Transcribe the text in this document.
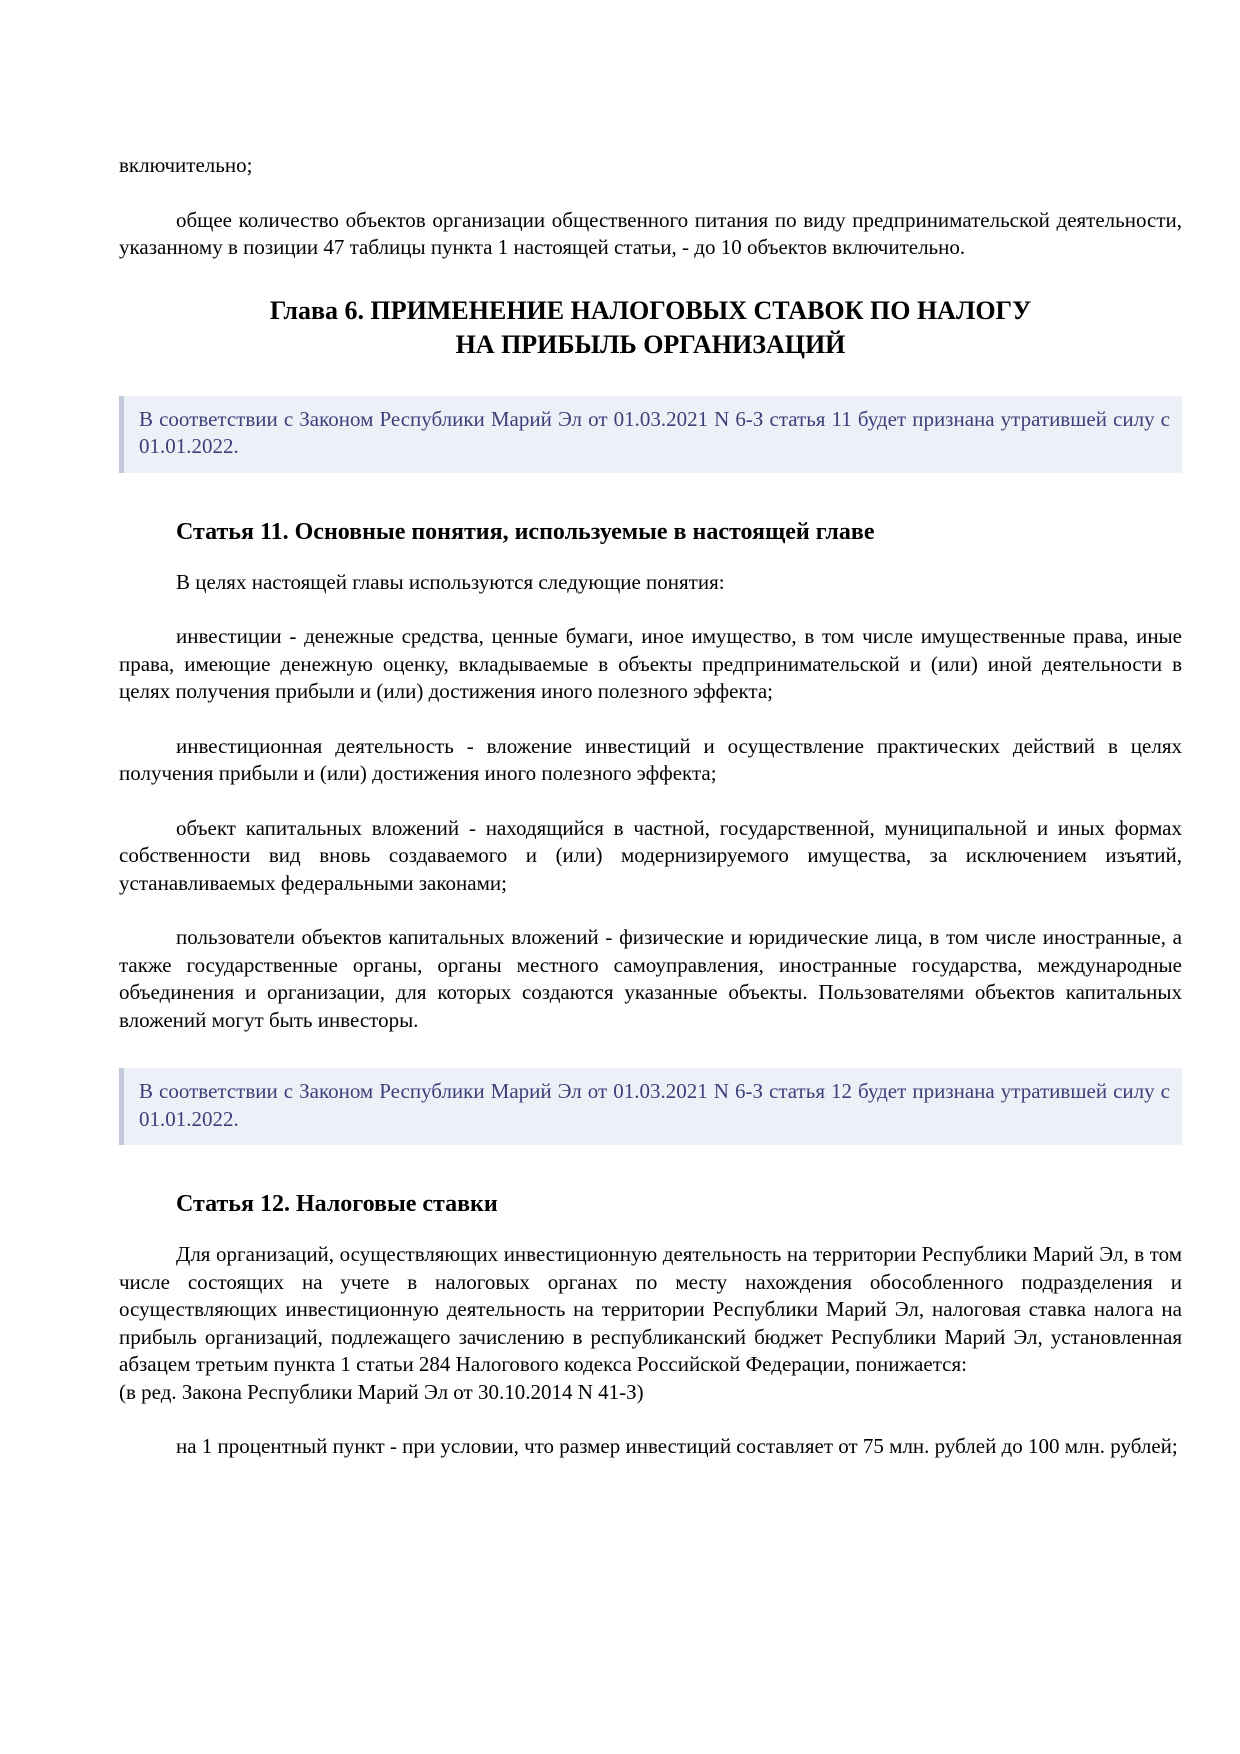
включительно;

общее количество объектов организации общественного питания по виду предпринимательской деятельности, указанному в позиции 47 таблицы пункта 1 настоящей статьи, - до 10 объектов включительно.

Глава 6. ПРИМЕНЕНИЕ НАЛОГОВЫХ СТАВОК ПО НАЛОГУ
НА ПРИБЫЛЬ ОРГАНИЗАЦИЙ

В соответствии с Законом Республики Марий Эл от 01.03.2021 N 6-З статья 11 будет признана утратившей силу с 01.01.2022.

Статья 11. Основные понятия, используемые в настоящей главе

В целях настоящей главы используются следующие понятия:

инвестиции - денежные средства, ценные бумаги, иное имущество, в том числе имущественные права, иные права, имеющие денежную оценку, вкладываемые в объекты предпринимательской и (или) иной деятельности в целях получения прибыли и (или) достижения иного полезного эффекта;

инвестиционная деятельность - вложение инвестиций и осуществление практических действий в целях получения прибыли и (или) достижения иного полезного эффекта;

объект капитальных вложений - находящийся в частной, государственной, муниципальной и иных формах собственности вид вновь создаваемого и (или) модернизируемого имущества, за исключением изъятий, устанавливаемых федеральными законами;

пользователи объектов капитальных вложений - физические и юридические лица, в том числе иностранные, а также государственные органы, органы местного самоуправления, иностранные государства, международные объединения и организации, для которых создаются указанные объекты. Пользователями объектов капитальных вложений могут быть инвесторы.

В соответствии с Законом Республики Марий Эл от 01.03.2021 N 6-З статья 12 будет признана утратившей силу с 01.01.2022.

Статья 12. Налоговые ставки

Для организаций, осуществляющих инвестиционную деятельность на территории Республики Марий Эл, в том числе состоящих на учете в налоговых органах по месту нахождения обособленного подразделения и осуществляющих инвестиционную деятельность на территории Республики Марий Эл, налоговая ставка налога на прибыль организаций, подлежащего зачислению в республиканский бюджет Республики Марий Эл, установленная абзацем третьим пункта 1 статьи 284 Налогового кодекса Российской Федерации, понижается:

(в ред. Закона Республики Марий Эл от 30.10.2014 N 41-З)

на 1 процентный пункт - при условии, что размер инвестиций составляет от 75 млн. рублей до 100 млн. рублей;
